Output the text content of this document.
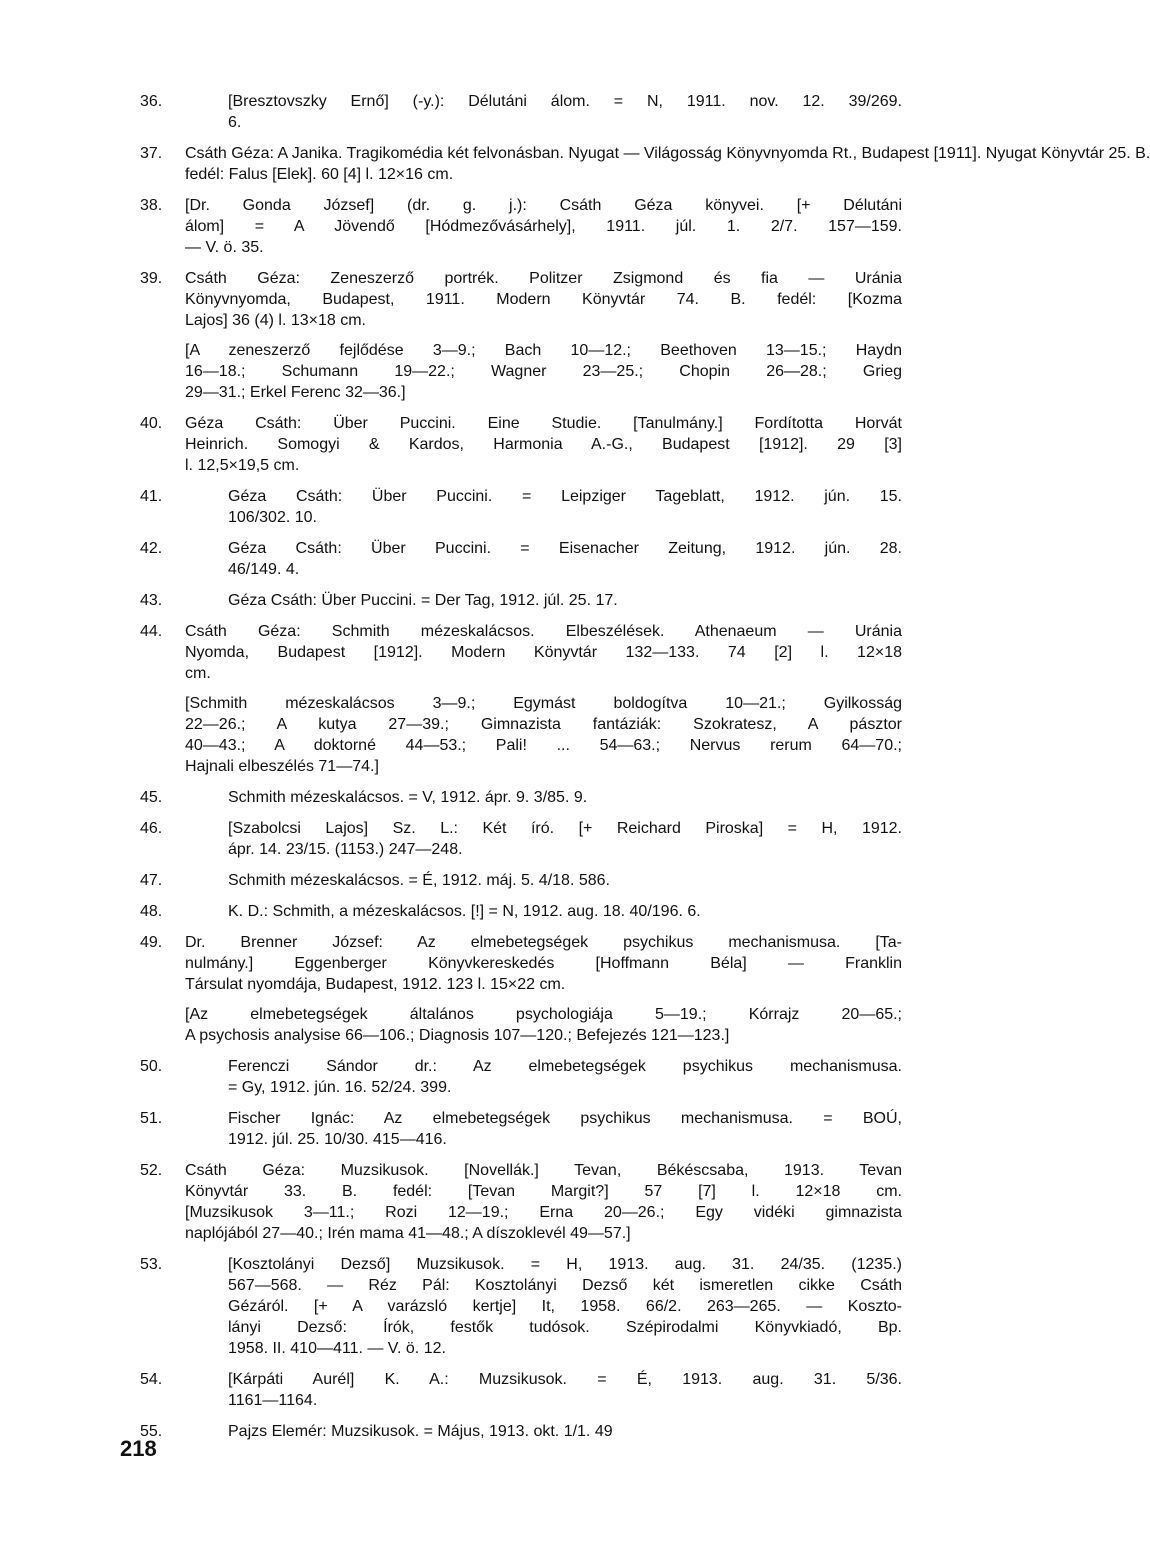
36.	[Bresztovszky Ernő] (-y.): Délutáni álom. = N, 1911. nov. 12. 39/269.
6.
37.	Csáth Géza: A Janika. Tragikomédia két felvonásban. Nyugat — Világosság Könyvnyomda Rt., Budapest [1911]. Nyugat Könyvtár 25. B.
fedél: Falus [Elek]. 60 [4] l. 12×16 cm.
38.	[Dr. Gonda József] (dr. g. j.): Csáth Géza könyvei. [+ Délutáni
álom] = A Jövendő [Hódmezővásárhely], 1911. júl. 1. 2/7. 157—159.
— V. ö. 35.
39.	Csáth Géza: Zeneszerző portrék. Politzer Zsigmond és fia — Uránia
Könyvnyomda, Budapest, 1911. Modern Könyvtár 74. B. fedél: [Kozma
Lajos] 36 (4) l. 13×18 cm.
[A zeneszerző fejlődése 3—9.; Bach 10—12.; Beethoven 13—15.; Haydn
16—18.; Schumann 19—22.; Wagner 23—25.; Chopin 26—28.; Grieg
29—31.; Erkel Ferenc 32—36.]
40.	Géza Csáth: Über Puccini. Eine Studie. [Tanulmány.] Fordította Horvát
Heinrich. Somogyi & Kardos, Harmonia A.-G., Budapest [1912]. 29 [3]
l. 12,5×19,5 cm.
41.	Géza Csáth: Über Puccini. = Leipziger Tageblatt, 1912. jún. 15.
106/302. 10.
42.	Géza Csáth: Über Puccini. = Eisenacher Zeitung, 1912. jún. 28.
46/149. 4.
43.	Géza Csáth: Über Puccini. = Der Tag, 1912. júl. 25. 17.
44.	Csáth Géza: Schmith mézeskalácsos. Elbeszélések. Athenaeum — Uránia
Nyomda, Budapest [1912]. Modern Könyvtár 132—133. 74 [2] l. 12×18
cm.
[Schmith mézeskalácsos 3—9.; Egymást boldogítva 10—21.; Gyilkosság
22—26.; A kutya 27—39.; Gimnazista fantáziák: Szokratesz, A pásztor
40—43.; A doktorné 44—53.; Pali! ... 54—63.; Nervus rerum 64—70.;
Hajnali elbeszélés 71—74.]
45.	Schmith mézeskalácsos. = V, 1912. ápr. 9. 3/85. 9.
46.	[Szabolcsi Lajos] Sz. L.: Két író. [+ Reichard Piroska] = H, 1912.
ápr. 14. 23/15. (1153.) 247—248.
47.	Schmith mézeskalácsos. = É, 1912. máj. 5. 4/18. 586.
48.	K. D.: Schmith, a mézeskalácsos. [!] = N, 1912. aug. 18. 40/196. 6.
49.	Dr. Brenner József: Az elmebetegségek psychikus mechanismusa. [Ta-
nulmány.] Eggenberger Könyvkereskedés [Hoffmann Béla] — Franklin
Társulat nyomdája, Budapest, 1912. 123 l. 15×22 cm.
[Az elmebetegségek általános psychologiája 5—19.; Kórrajz 20—65.;
A psychosis analysise 66—106.; Diagnosis 107—120.; Befejezés 121—123.]
50.	Ferenczi Sándor dr.: Az elmebetegségek psychikus mechanismusa.
= Gy, 1912. jún. 16. 52/24. 399.
51.	Fischer Ignác: Az elmebetegségek psychikus mechanismusa. = BOÚ,
1912. júl. 25. 10/30. 415—416.
52.	Csáth Géza: Muzsikusok. [Novellák.] Tevan, Békéscsaba, 1913. Tevan
Könyvtár 33. B. fedél: [Tevan Margit?] 57 [7] l. 12×18 cm.
[Muzsikusok 3—11.; Rozi 12—19.; Erna 20—26.; Egy vidéki gimnazista
naplójából 27—40.; Irén mama 41—48.; A díszoklevél 49—57.]
53.	[Kosztolányi Dezső] Muzsikusok. = H, 1913. aug. 31. 24/35. (1235.)
567—568. — Réz Pál: Kosztolányi Dezső két ismeretlen cikke Csáth
Gézáról. [+ A varázsló kertje] It, 1958. 66/2. 263—265. — Koszto-
lányi Dezső: Írók, festők tudósok. Szépirodalmi Könyvkiadó, Bp.
1958. II. 410—411. — V. ö. 12.
54.	[Kárpáti Aurél] K. A.: Muzsikusok. = É, 1913. aug. 31. 5/36.
1161—1164.
55.	Pajzs Elemér: Muzsikusok. = Május, 1913. okt. 1/1. 49
218
